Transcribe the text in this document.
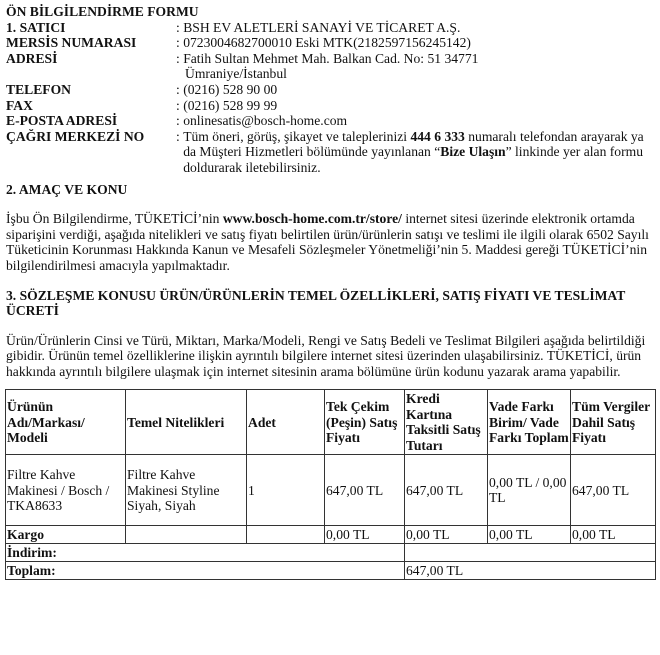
ÖN BİLGİLENDİRME FORMU

1. SATICI	: BSH EV ALETLERİ SANAYİ VE TİCARET A.Ş.
MERSİS NUMARASI	: 0723004682700010 Eski MTK(2182597156245142)
ADRESİ	: Fatih Sultan Mehmet Mah. Balkan Cad. No: 51 34771
Ümraniye/İstanbul
TELEFON	: (0216) 528 90 00
FAX	: (0216) 528 99 99
E-POSTA ADRESİ	: onlinesatis@bosch-home.com
ÇAĞRI MERKEZİ NO	: Tüm öneri, görüş, şikayet ve taleplerinizi 444 6 333 numaralı telefondan arayarak ya da Müşteri Hizmetleri bölümünde yayınlanan “Bize Ulaşın” linkinde yer alan formu doldurarak iletebilirsiniz.

2. AMAÇ VE KONU

İşbu Ön Bilgilendirme, TÜKETİCİ’nin www.bosch-home.com.tr/store/ internet sitesi üzerinde elektronik ortamda siparişini verdiği, aşağıda nitelikleri ve satış fiyatı belirtilen ürün/ürünlerin satışı ve teslimi ile ilgili olarak 6502 Sayılı Tüketicinin Korunması Hakkında Kanun ve Mesafeli Sözleşmeler Yönetmeliği’nin 5. Maddesi gereği TÜKETİCİ’nin bilgilendirilmesi amacıyla yapılmaktadır.

3. SÖZLEŞME KONUSU ÜRÜN/ÜRÜNLERİN TEMEL ÖZELLİKLERİ, SATIŞ FİYATI VE TESLİMAT ÜCRETİ

Ürün/Ürünlerin Cinsi ve Türü, Miktarı, Marka/Modeli, Rengi ve Satış Bedeli ve Teslimat Bilgileri aşağıda belirtildiği gibidir. Ürünün temel özelliklerine ilişkin ayrıntılı bilgilere internet sitesi üzerinden ulaşabilirsiniz. TÜKETİCİ, ürün hakkında ayrıntılı bilgilere ulaşmak için internet sitesinin arama bölümüne ürün kodunu yazarak arama yapabilir.

Ürünün Adı/Markası/ Modeli	Temel Nitelikleri	Adet	Tek Çekim (Peşin) Satış Fiyatı	Kredi Kartına Taksitli Satış Tutarı	Vade Farkı Birim/ Vade Farkı Toplam	Tüm Vergiler Dahil Satış Fiyatı
Filtre Kahve Makinesi / Bosch / TKA8633	Filtre Kahve Makinesi Styline Siyah, Siyah	1	647,00 TL	647,00 TL	0,00 TL / 0,00 TL	647,00 TL
Kargo			0,00 TL	0,00 TL	0,00 TL	0,00 TL
İndirim:						
Toplam:				647,00 TL		
